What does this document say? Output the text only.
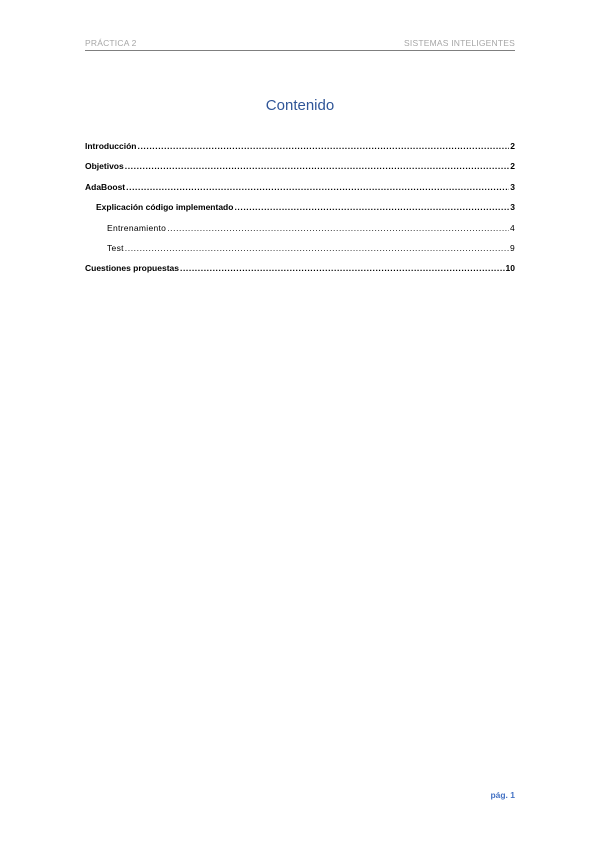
PRÁCTICA 2	SISTEMAS INTELIGENTES
Contenido
Introducción .....	2
Objetivos .....	2
AdaBoost .....	3
Explicación código implementado .....	3
Entrenamiento .....	4
Test .....	9
Cuestiones propuestas .....	10
pág. 1
